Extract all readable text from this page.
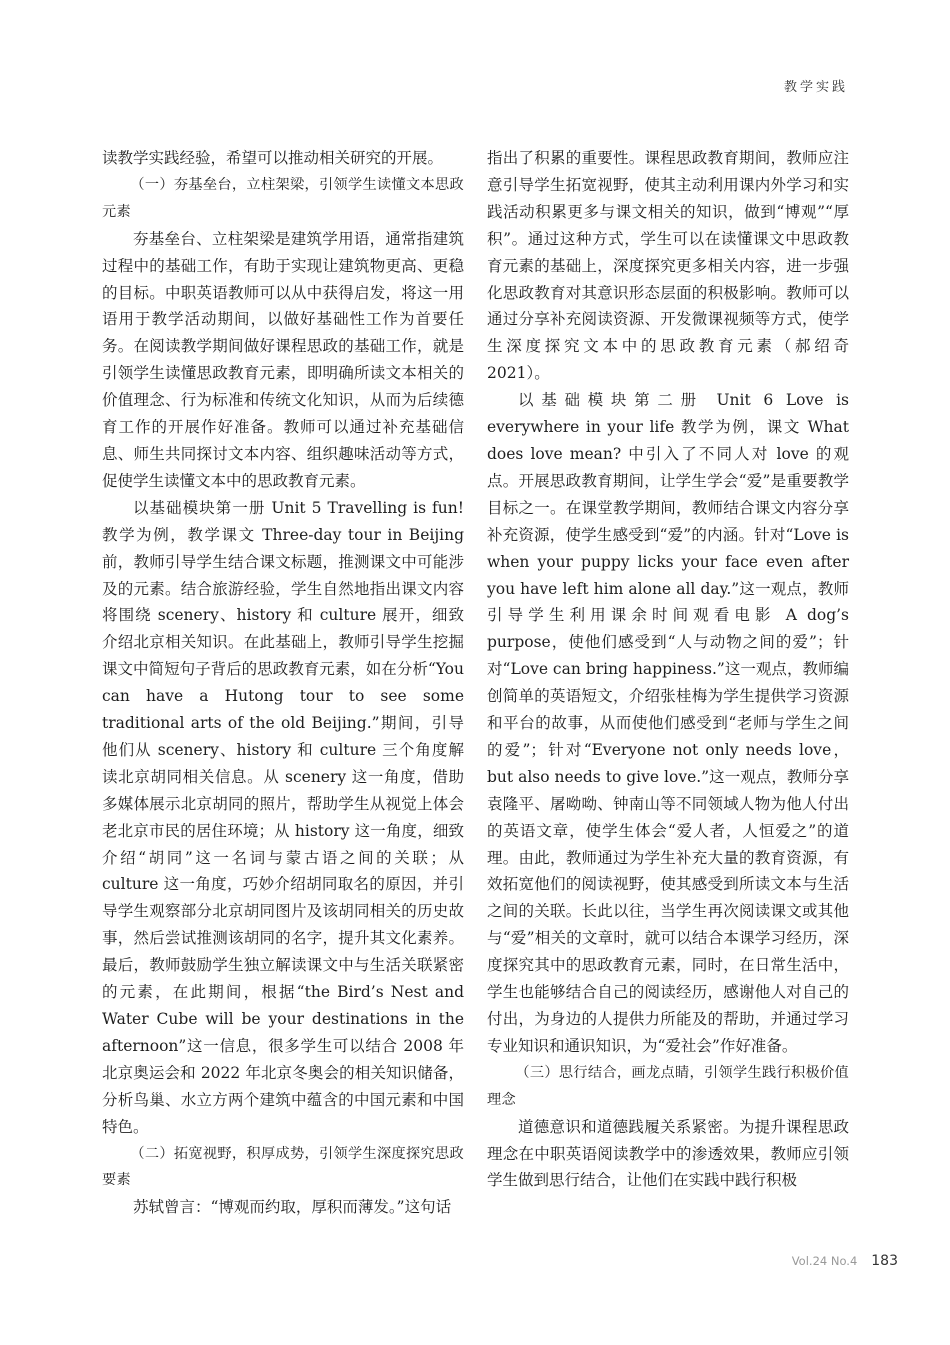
教学实践

读教学实践经验，希望可以推动相关研究的开展。

（一）夯基垒台，立柱架梁，引领学生读懂文本思政元素

夯基垒台、立柱架梁是建筑学用语，通常指建筑过程中的基础工作，有助于实现让建筑物更高、更稳的目标。中职英语教师可以从中获得启发，将这一用语用于教学活动期间，以做好基础性工作为首要任务。在阅读教学期间做好课程思政的基础工作，就是引领学生读懂思政教育元素，即明确所读文本相关的价值理念、行为标准和传统文化知识，从而为后续德育工作的开展作好准备。教师可以通过补充基础信息、师生共同探讨文本内容、组织趣味活动等方式，促使学生读懂文本中的思政教育元素。

以基础模块第一册 Unit 5 Travelling is fun! 教学为例，教学课文 Three-day tour in Beijing 前，教师引导学生结合课文标题，推测课文中可能涉及的元素。结合旅游经验，学生自然地指出课文内容将围绕 scenery、history 和 culture 展开，细致介绍北京相关知识。在此基础上，教师引导学生挖掘课文中简短句子背后的思政教育元素，如在分析“You can have a Hutong tour to see some traditional arts of the old Beijing.”期间，引导他们从 scenery、history 和 culture 三个角度解读北京胡同相关信息。从 scenery 这一角度，借助多媒体展示北京胡同的照片，帮助学生从视觉上体会老北京市民的居住环境；从 history 这一角度，细致介绍“胡同”这一名词与蒙古语之间的关联；从 culture 这一角度，巧妙介绍胡同取名的原因，并引导学生观察部分北京胡同图片及该胡同相关的历史故事，然后尝试推测该胡同的名字，提升其文化素养。最后，教师鼓励学生独立解读课文中与生活关联紧密的元素，在此期间，根据“the Bird’s Nest and Water Cube will be your destinations in the afternoon”这一信息，很多学生可以结合 2008 年北京奥运会和 2022 年北京冬奥会的相关知识储备，分析鸟巢、水立方两个建筑中蕴含的中国元素和中国特色。

（二）拓宽视野，积厚成势，引领学生深度探究思政要素

苏轼曾言：“博观而约取，厚积而薄发。”这句话

指出了积累的重要性。课程思政教育期间，教师应注意引导学生拓宽视野，使其主动利用课内外学习和实践活动积累更多与课文相关的知识，做到“博观”“厚积”。通过这种方式，学生可以在读懂课文中思政教育元素的基础上，深度探究更多相关内容，进一步强化思政教育对其意识形态层面的积极影响。教师可以通过分享补充阅读资源、开发微课视频等方式，使学生深度探究文本中的思政教育元素（郝绍奇 2021）。

以基础模块第二册 Unit 6 Love is everywhere in your life 教学为例，课文 What does love mean? 中引入了不同人对 love 的观点。开展思政教育期间，让学生学会“爱”是重要教学目标之一。在课堂教学期间，教师结合课文内容分享补充资源，使学生感受到“爱”的内涵。针对“Love is when your puppy licks your face even after you have left him alone all day.”这一观点，教师引导学生利用课余时间观看电影 A dog’s purpose，使他们感受到“人与动物之间的爱”；针对“Love can bring happiness.”这一观点，教师编创简单的英语短文，介绍张桂梅为学生提供学习资源和平台的故事，从而使他们感受到“老师与学生之间的爱”；针对“Everyone not only needs love，but also needs to give love.”这一观点，教师分享袁隆平、屠呦呦、钟南山等不同领域人物为他人付出的英语文章，使学生体会“爱人者，人恒爱之”的道理。由此，教师通过为学生补充大量的教育资源，有效拓宽他们的阅读视野，使其感受到所读文本与生活之间的关联。长此以往，当学生再次阅读课文或其他与“爱”相关的文章时，就可以结合本课学习经历，深度探究其中的思政教育元素，同时，在日常生活中，学生也能够结合自己的阅读经历，感谢他人对自己的付出，为身边的人提供力所能及的帮助，并通过学习专业知识和通识知识，为“爱社会”作好准备。

（三）思行结合，画龙点睛，引领学生践行积极价值理念

道德意识和道德践履关系紧密。为提升课程思政理念在中职英语阅读教学中的渗透效果，教师应引领学生做到思行结合，让他们在实践中践行积极

Vol.24 No.4 183
